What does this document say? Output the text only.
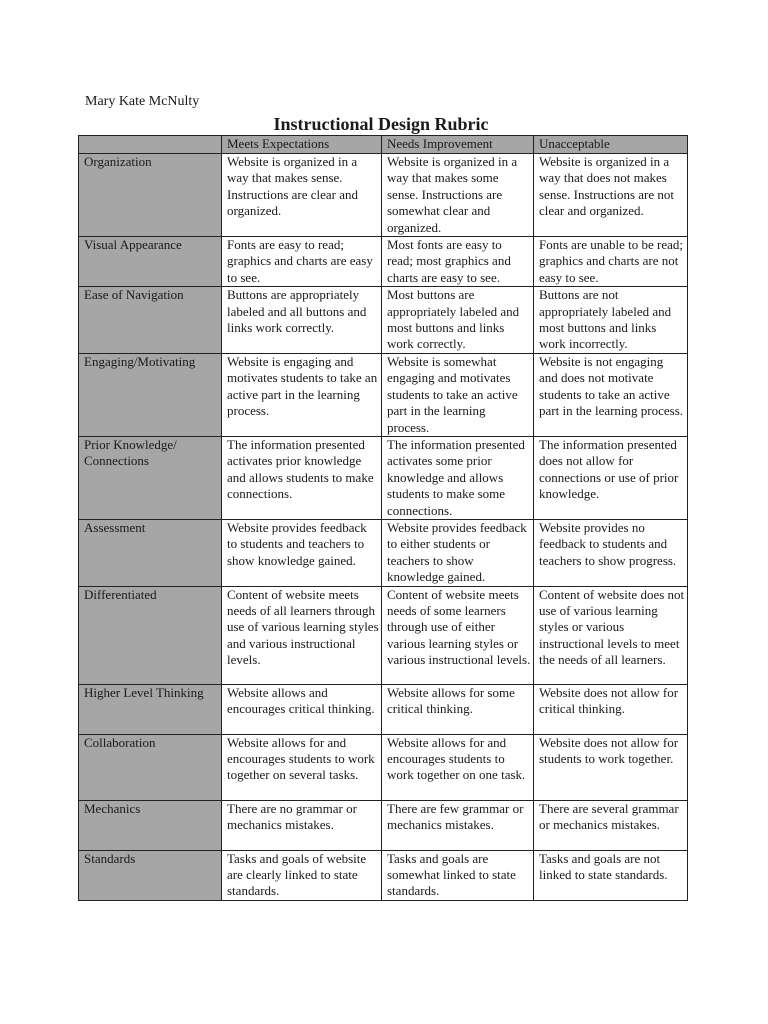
Mary Kate McNulty
Instructional Design Rubric
	Meets Expectations	Needs Improvement	Unacceptable
Organization	Website is organized in a way that makes sense. Instructions are clear and organized.	Website is organized in a way that makes some sense. Instructions are somewhat clear and organized.	Website is organized in a way that does not makes sense. Instructions are not clear and organized.
Visual Appearance	Fonts are easy to read; graphics and charts are easy to see.	Most fonts are easy to read; most graphics and charts are easy to see.	Fonts are unable to be read; graphics and charts are not easy to see.
Ease of Navigation	Buttons are appropriately labeled and all buttons and links work correctly.	Most buttons are appropriately labeled and most buttons and links work correctly.	Buttons are not appropriately labeled and most buttons and links work incorrectly.
Engaging/Motivating	Website is engaging and motivates students to take an active part in the learning process.	Website is somewhat engaging and motivates students to take an active part in the learning process.	Website is not engaging and does not motivate students to take an active part in the learning process.
Prior Knowledge/ Connections	The information presented activates prior knowledge and allows students to make connections.	The information presented activates some prior knowledge and allows students to make some connections.	The information presented does not allow for connections or use of prior knowledge.
Assessment	Website provides feedback to students and teachers to show knowledge gained.	Website provides feedback to either students or teachers to show knowledge gained.	Website provides no feedback to students and teachers to show progress.
Differentiated	Content of website meets needs of all learners through use of various learning styles and various instructional levels.	Content of website meets needs of some learners through use of either various learning styles or various instructional levels.	Content of website does not use of various learning styles or various instructional levels to meet the needs of all learners.
Higher Level Thinking	Website allows and encourages critical thinking.	Website allows for some critical thinking.	Website does not allow for critical thinking.
Collaboration	Website allows for and encourages students to work together on several tasks.	Website allows for and encourages students to work together on one task.	Website does not allow for students to work together.
Mechanics	There are no grammar or mechanics mistakes.	There are few grammar or mechanics mistakes.	There are several grammar or mechanics mistakes.
Standards	Tasks and goals of website are clearly linked to state standards.	Tasks and goals are somewhat linked to state standards.	Tasks and goals are not linked to state standards.
